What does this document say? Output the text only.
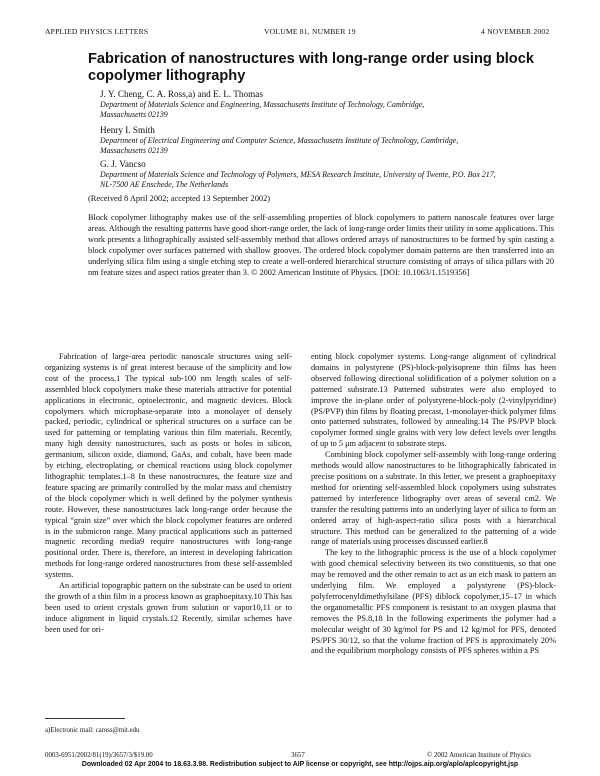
APPLIED PHYSICS LETTERS	VOLUME 81, NUMBER 19	4 NOVEMBER 2002
Fabrication of nanostructures with long-range order using block copolymer lithography
J. Y. Cheng, C. A. Ross,a) and E. L. Thomas
Department of Materials Science and Engineering, Massachusetts Institute of Technology, Cambridge, Massachusetts 02139
Henry I. Smith
Department of Electrical Engineering and Computer Science, Massachusetts Institute of Technology, Cambridge, Massachusetts 02139
G. J. Vancso
Department of Materials Science and Technology of Polymers, MESA Research Institute, University of Twente, P.O. Box 217, NL-7500 AE Enschede, The Netherlands
(Received 8 April 2002; accepted 13 September 2002)
Block copolymer lithography makes use of the self-assembling properties of block copolymers to pattern nanoscale features over large areas. Although the resulting patterns have good short-range order, the lack of long-range order limits their utility in some applications. This work presents a lithographically assisted self-assembly method that allows ordered arrays of nanostructures to be formed by spin casting a block copolymer over surfaces patterned with shallow grooves. The ordered block copolymer domain patterns are then transferred into an underlying silica film using a single etching step to create a well-ordered hierarchical structure consisting of arrays of silica pillars with 20 nm feature sizes and aspect ratios greater than 3. © 2002 American Institute of Physics. [DOI: 10.1063/1.1519356]

Fabrication of large-area periodic nanoscale structures using self-organizing systems is of great interest because of the simplicity and low cost of the process.1 The typical sub-100 nm length scales of self-assembled block copolymers make these materials attractive for potential applications in electronic, optoelectronic, and magnetic devices. Block copolymers which microphase-separate into a monolayer of densely packed, periodic, cylindrical or spherical structures on a surface can be used for patterning or templating various thin film materials. Recently, many high density nanostructures, such as posts or holes in silicon, germanium, silicon oxide, diamond, GaAs, and cobalt, have been made by etching, electroplating, or chemical reactions using block copolymer lithographic templates.1–8 In these nanostructures, the feature size and feature spacing are primarily controlled by the molar mass and chemistry of the block copolymer which is well defined by the polymer synthesis route. However, these nanostructures lack long-range order because the typical “grain size” over which the block copolymer features are ordered is in the submicron range. Many practical applications such as patterned magnetic recording media9 require nanostructures with long-range positional order. There is, therefore, an interest in developing fabrication methods for long-range ordered nanostructures from these self-assembled systems.

An artificial topographic pattern on the substrate can be used to orient the growth of a thin film in a process known as graphoepitaxy.10 This has been used to orient crystals grown from solution or vapor10,11 or to induce alignment in liquid crystals.12 Recently, similar schemes have been used for ori-

enting block copolymer systems. Long-range alignment of cylindrical domains in polystyrene (PS)-block-polyisoprene thin films has been observed following directional solidification of a polymer solution on a patterned substrate.13 Patterned substrates were also employed to improve the in-plane order of polystyrene-block-poly (2-vinylpyridine) (PS/PVP) thin films by floating precast, 1-monolayer-thick polymer films onto patterned substrates, followed by annealing.14 The PS/PVP block copolymer formed single grains with very low defect levels over lengths of up to 5 μm adjacent to substrate steps.

Combining block copolymer self-assembly with long-range ordering methods would allow nanostructures to be lithographically fabricated in precise positions on a substrate. In this letter, we present a graphoepitaxy method for orienting self-assembled block copolymers using substrates patterned by interference lithography over areas of several cm2. We transfer the resulting patterns into an underlying layer of silica to form an ordered array of high-aspect-ratio silica posts with a hierarchical structure. This method can be generalized to the patterning of a wide range of materials using processes discussed earlier.8

The key to the lithographic process is the use of a block copolymer with good chemical selectivity between its two constituents, so that one may be removed and the other remain to act as an etch mask to pattern an underlying film. We employed a polystyrene (PS)-block-polyferrocenyldimethylsilane (PFS) diblock copolymer,15–17 in which the organometallic PFS component is resistant to an oxygen plasma that removes the PS.8,18 In the following experiments the polymer had a molecular weight of 30 kg/mol for PS and 12 kg/mol for PFS, denoted PS/PFS 30/12, so that the volume fraction of PFS is approximately 20% and the equilibrium morphology consists of PFS spheres within a PS

a)Electronic mail: caross@mit.edu
0003-6951/2002/81(19)/3657/3/$19.00	3657	© 2002 American Institute of Physics
Downloaded 02 Apr 2004 to 18.63.3.98. Redistribution subject to AIP license or copyright, see http://ojps.aip.org/aplo/aplcopyright.jsp
